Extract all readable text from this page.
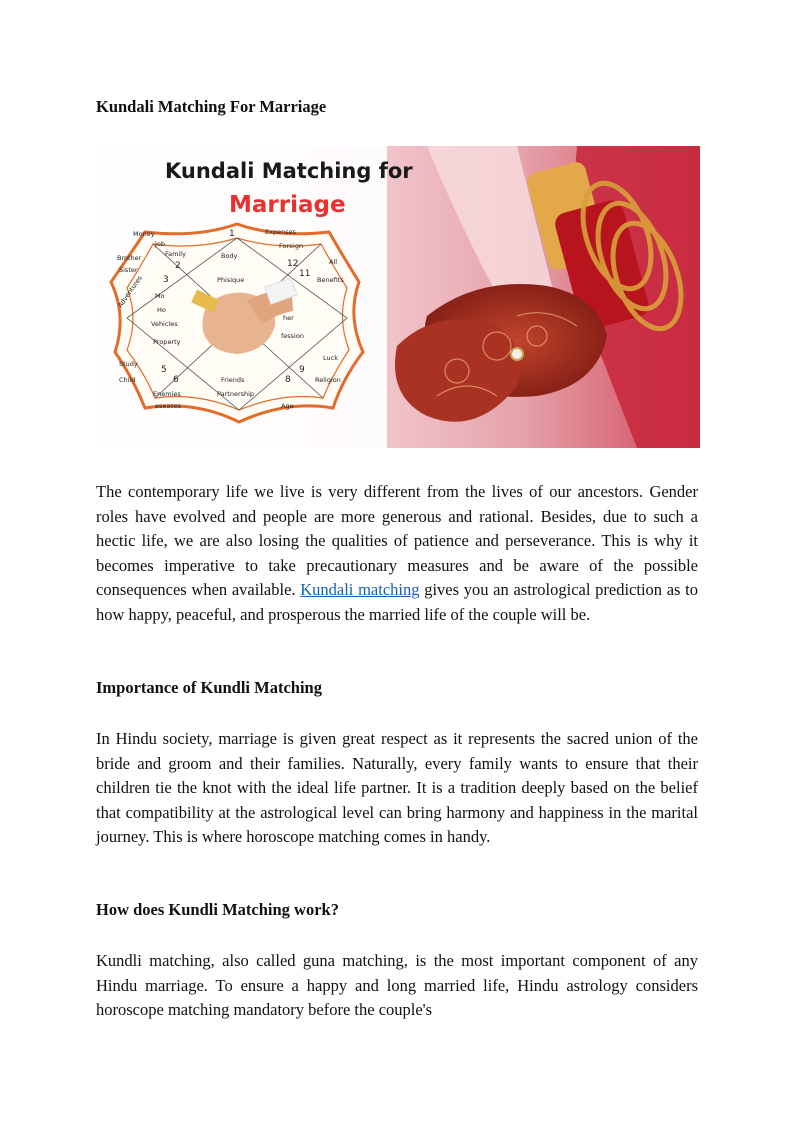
Kundali Matching For Marriage
Kundali Matching for
Marriage
Money
Job
Family
Brother
Sister
Adventures Mo
Ho
Vehicles
Property
Study
Child
Enemies
eseases
Body
Phisique
Expenses
Foreign
All
Benefits
her
fession
Luck
Religion
Friends
Partnership
Age
1
2
3
5
6	8
9
11
12

The contemporary life we live is very different from the lives of our ancestors. Gender roles have evolved and people are more generous and rational. Besides, due to such a hectic life, we are also losing the qualities of patience and perseverance. This is why it becomes imperative to take precautionary measures and be aware of the possible consequences when available. Kundali matching gives you an astrological prediction as to how happy, peaceful, and prosperous the married life of the couple will be.

Importance of Kundli Matching

In Hindu society, marriage is given great respect as it represents the sacred union of the bride and groom and their families. Naturally, every family wants to ensure that their children tie the knot with the ideal life partner. It is a tradition deeply based on the belief that compatibility at the astrological level can bring harmony and happiness in the marital journey. This is where horoscope matching comes in handy.

How does Kundli Matching work?

Kundli matching, also called guna matching, is the most important component of any Hindu marriage. To ensure a happy and long married life, Hindu astrology considers horoscope matching mandatory before the couple's
